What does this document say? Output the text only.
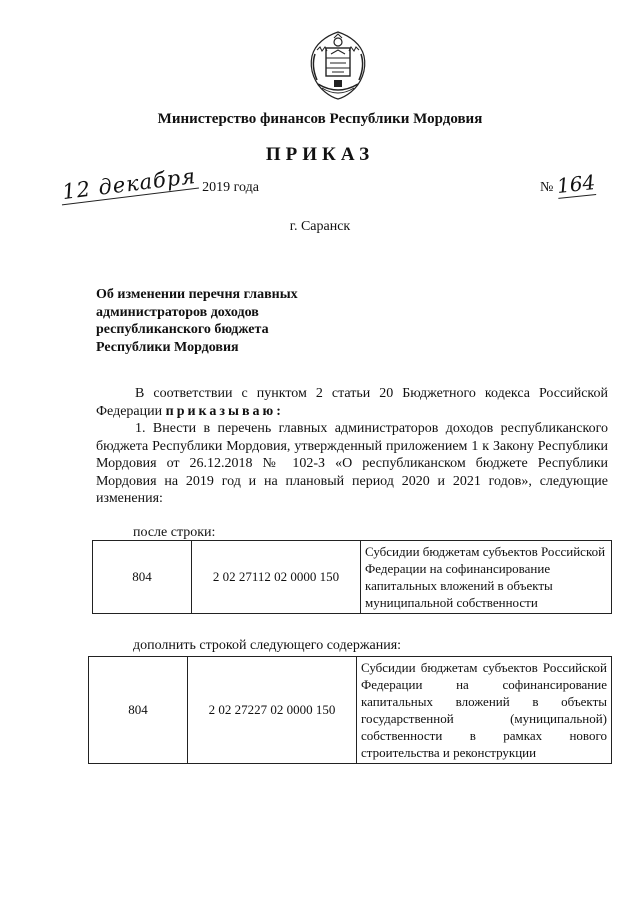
Министерство финансов Республики Мордовия
ПРИКАЗ
12 декабря 2019 года	№ 164
г. Саранск
Об изменении перечня главных
администраторов доходов
республиканского бюджета
Республики Мордовия

В соответствии с пунктом 2 статьи 20 Бюджетного кодекса Российской Федерации приказываю:

1. Внести в перечень главных администраторов доходов республиканского бюджета Республики Мордовия, утвержденный приложением 1 к Закону Республики Мордовия от 26.12.2018 № 102-З «О республиканском бюджете Республики Мордовия на 2019 год и на плановый период 2020 и 2021 годов», следующие изменения:

после строки:
804	2 02 27112 02 0000 150	Субсидии бюджетам субъектов Российской Федерации на софинансирование капитальных вложений в объекты муниципальной собственности
дополнить строкой следующего содержания:
804	2 02 27227 02 0000 150	Субсидии бюджетам субъектов Российской Федерации на софинансирование капитальных вложений в объекты государственной (муниципальной) собственности в рамках нового строительства и реконструкции
